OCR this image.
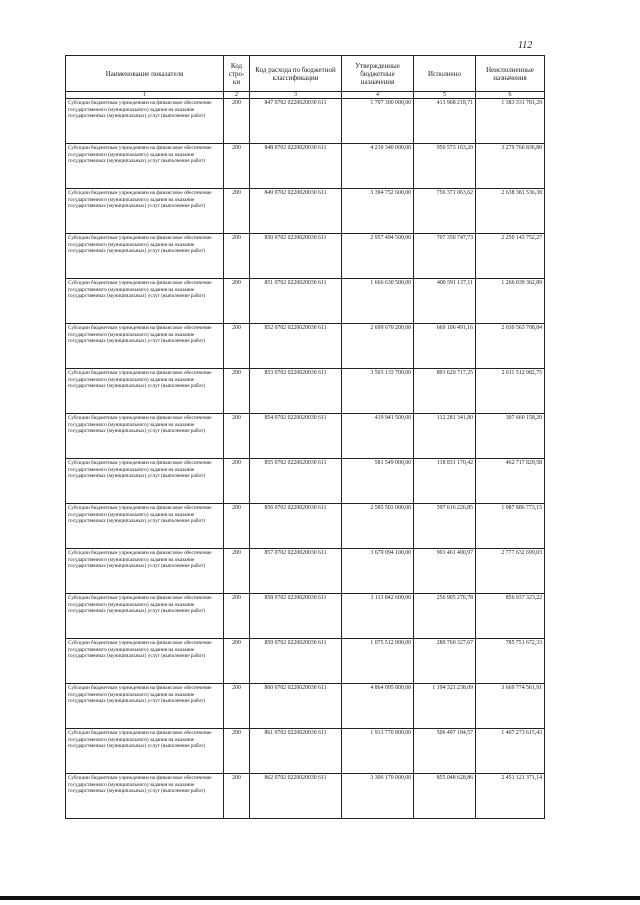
112
Наименование показателя	Код стро-ки	Код расхода по бюджетной классификации	Утвержденные бюджетные назначения	Исполнено	Неисполненные назначения
1	2	3	4	5	6
Субсидии бюджетным учреждениям на финансовое обеспечение государственного (муниципального) задания на оказание государственных (муниципальных) услуг (выполнение работ)	200	847 0702 0220020030 611	1 797 300 000,00	413 968 218,71	1 383 331 781,29
Субсидии бюджетным учреждениям на финансовое обеспечение государственного (муниципального) задания на оказание государственных (муниципальных) услуг (выполнение работ)	200	848 0702 0220020030 611	4 230 340 000,00	950 573 163,20	3 279 766 836,80
Субсидии бюджетным учреждениям на финансовое обеспечение государственного (муниципального) задания на оказание государственных (муниципальных) услуг (выполнение работ)	200	849 0702 0220020030 611	3 394 752 600,00	756 371 063,62	2 638 381 536,38
Субсидии бюджетным учреждениям на финансовое обеспечение государственного (муниципального) задания на оказание государственных (муниципальных) услуг (выполнение работ)	200	850 0702 0220020030 611	2 957 494 500,00	707 350 747,73	2 250 143 752,27
Субсидии бюджетным учреждениям на финансовое обеспечение государственного (муниципального) задания на оказание государственных (муниципальных) услуг (выполнение работ)	200	851 0702 0220020030 611	1 666 630 500,00	400 591 137,11	1 266 039 362,89
Субсидии бюджетным учреждениям на финансовое обеспечение государственного (муниципального) задания на оказание государственных (муниципальных) услуг (выполнение работ)	200	852 0702 0220020030 611	2 699 670 200,00	669 106 491,16	2 030 563 708,84
Субсидии бюджетным учреждениям на финансовое обеспечение государственного (муниципального) задания на оказание государственных (муниципальных) услуг (выполнение работ)	200	853 0702 0220020030 611	3 503 133 700,00	891 620 717,25	2 611 512 982,75
Субсидии бюджетным учреждениям на финансовое обеспечение государственного (муниципального) задания на оказание государственных (муниципальных) услуг (выполнение работ)	200	854 0702 0220020030 611	419 941 500,00	112 281 341,80	307 660 158,20
Субсидии бюджетным учреждениям на финансовое обеспечение государственного (муниципального) задания на оказание государственных (муниципальных) услуг (выполнение работ)	200	855 0702 0220020030 611	581 549 000,00	118 831 170,42	462 717 829,58
Субсидии бюджетным учреждениям на финансовое обеспечение государственного (муниципального) задания на оказание государственных (муниципальных) услуг (выполнение работ)	200	856 0702 0220020030 611	2 585 503 000,00	597 616 226,85	1 987 886 773,15
Субсидии бюджетным учреждениям на финансовое обеспечение государственного (муниципального) задания на оказание государственных (муниципальных) услуг (выполнение работ)	200	857 0702 0220020030 611	3 679 094 100,00	901 461 400,97	2 777 632 699,03
Субсидии бюджетным учреждениям на финансовое обеспечение государственного (муниципального) задания на оказание государственных (муниципальных) услуг (выполнение работ)	200	858 0702 0220020030 611	1 113 842 600,00	256 905 276,78	856 937 323,22
Субсидии бюджетным учреждениям на финансовое обеспечение государственного (муниципального) задания на оказание государственных (муниципальных) услуг (выполнение работ)	200	859 0702 0220020030 611	1 075 512 000,00	289 760 327,67	785 751 672,33
Субсидии бюджетным учреждениям на финансовое обеспечение государственного (муниципального) задания на оказание государственных (муниципальных) услуг (выполнение работ)	200	860 0702 0220020030 611	4 864 095 800,00	1 194 321 238,09	3 669 774 561,91
Субсидии бюджетным учреждениям на финансовое обеспечение государственного (муниципального) задания на оказание государственных (муниципальных) услуг (выполнение работ)	200	861 0702 0220020030 611	1 913 770 800,00	506 497 184,57	1 407 273 615,43
Субсидии бюджетным учреждениям на финансовое обеспечение государственного (муниципального) задания на оказание государственных (муниципальных) услуг (выполнение работ)	200	862 0702 0220020030 611	3 306 170 000,00	855 048 628,86	2 451 121 371,14
